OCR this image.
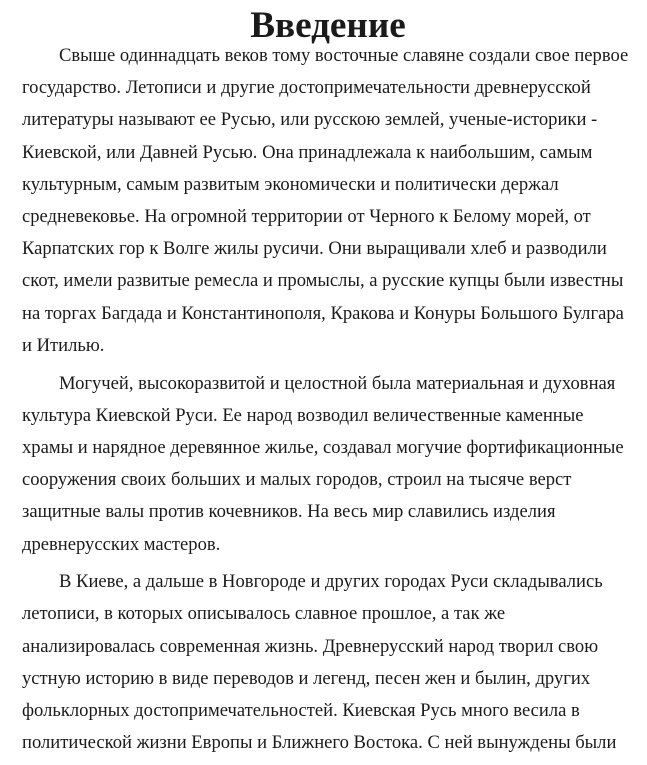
Введение

Свыше одиннадцать веков тому восточные славяне создали свое первое
государство. Летописи и другие достопримечательности древнерусской
литературы называют ее Русью, или русскою землей, ученые-историки -
Киевской, или Давней Русью. Она принадлежала к наибольшим, самым
культурным, самым развитым экономически и политически держал
средневековье. На огромной территории от Черного к Белому морей, от
Карпатских гор к Волге жилы русичи. Они выращивали хлеб и разводили
скот, имели развитые ремесла и промыслы, а русские купцы были известны
на торгах Багдада и Константинополя, Кракова и Конуры Большого Булгара
и Итилью.

Могучей, высокоразвитой и целостной была материальная и духовная
культура Киевской Руси. Ее народ возводил величественные каменные
храмы и нарядное деревянное жилье, создавал могучие фортификационные
сооружения своих больших и малых городов, строил на тысяче верст
защитные валы против кочевников. На весь мир славились изделия
древнерусских мастеров.

В Киеве, а дальше в Новгороде и других городах Руси складывались
летописи, в которых описывалось славное прошлое, а так же
анализировалась современная жизнь. Древнерусский народ творил свою
устную историю в виде переводов и легенд, песен жен и былин, других
фольклорных достопримечательностей. Киевская Русь много весила в
политической жизни Европы и Ближнего Востока. С ней вынуждены были
